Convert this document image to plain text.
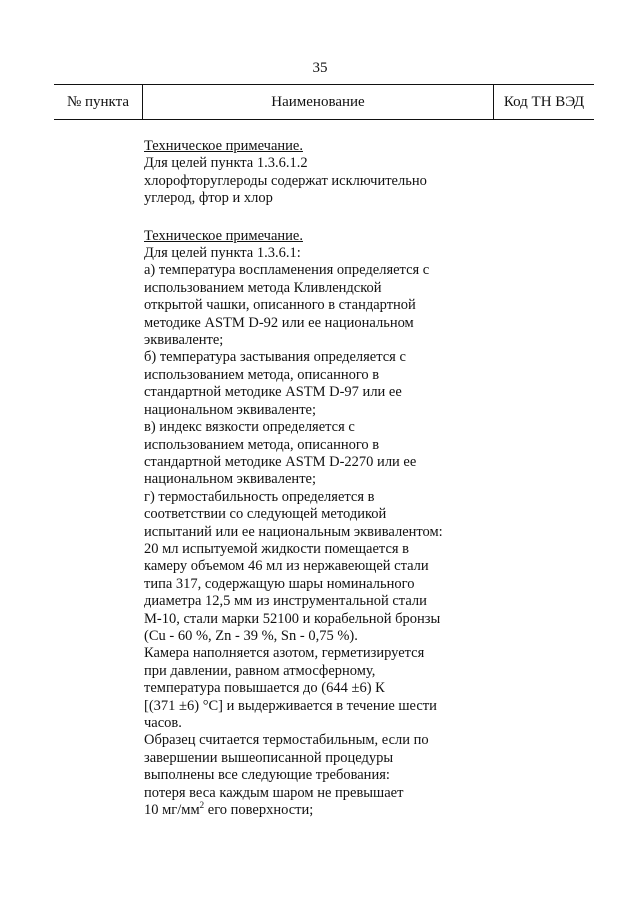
35
№ пункта	Наименование	Код ТН ВЭД
Техническое примечание.
Для целей пункта 1.3.6.1.2
хлорофторуглероды содержат исключительно
углерод, фтор и хлор
Техническое примечание.
Для целей пункта 1.3.6.1:
а) температура воспламенения определяется с
использованием метода Кливлендской
открытой чашки, описанного в стандартной
методике ASTM D-92 или ее национальном
эквиваленте;
б) температура застывания определяется с
использованием метода, описанного в
стандартной методике ASTM D-97 или ее
национальном эквиваленте;
в) индекс вязкости определяется с
использованием метода, описанного в
стандартной методике ASTM D-2270 или ее
национальном эквиваленте;
г) термостабильность определяется в
соответствии со следующей методикой
испытаний или ее национальным эквивалентом:
20 мл испытуемой жидкости помещается в
камеру объемом 46 мл из нержавеющей стали
типа 317, содержащую шары номинального
диаметра 12,5 мм из инструментальной стали
М-10, стали марки 52100 и корабельной бронзы
(Cu - 60 %, Zn - 39 %, Sn - 0,75 %).
Камера наполняется азотом, герметизируется
при давлении, равном атмосферному,
температура повышается до (644 ±6) К
[(371 ±6) °С] и выдерживается в течение шести
часов.
Образец считается термостабильным, если по
завершении вышеописанной процедуры
выполнены все следующие требования:
потеря веса каждым шаром не превышает
10 $мг/мм^2$ его поверхности;
